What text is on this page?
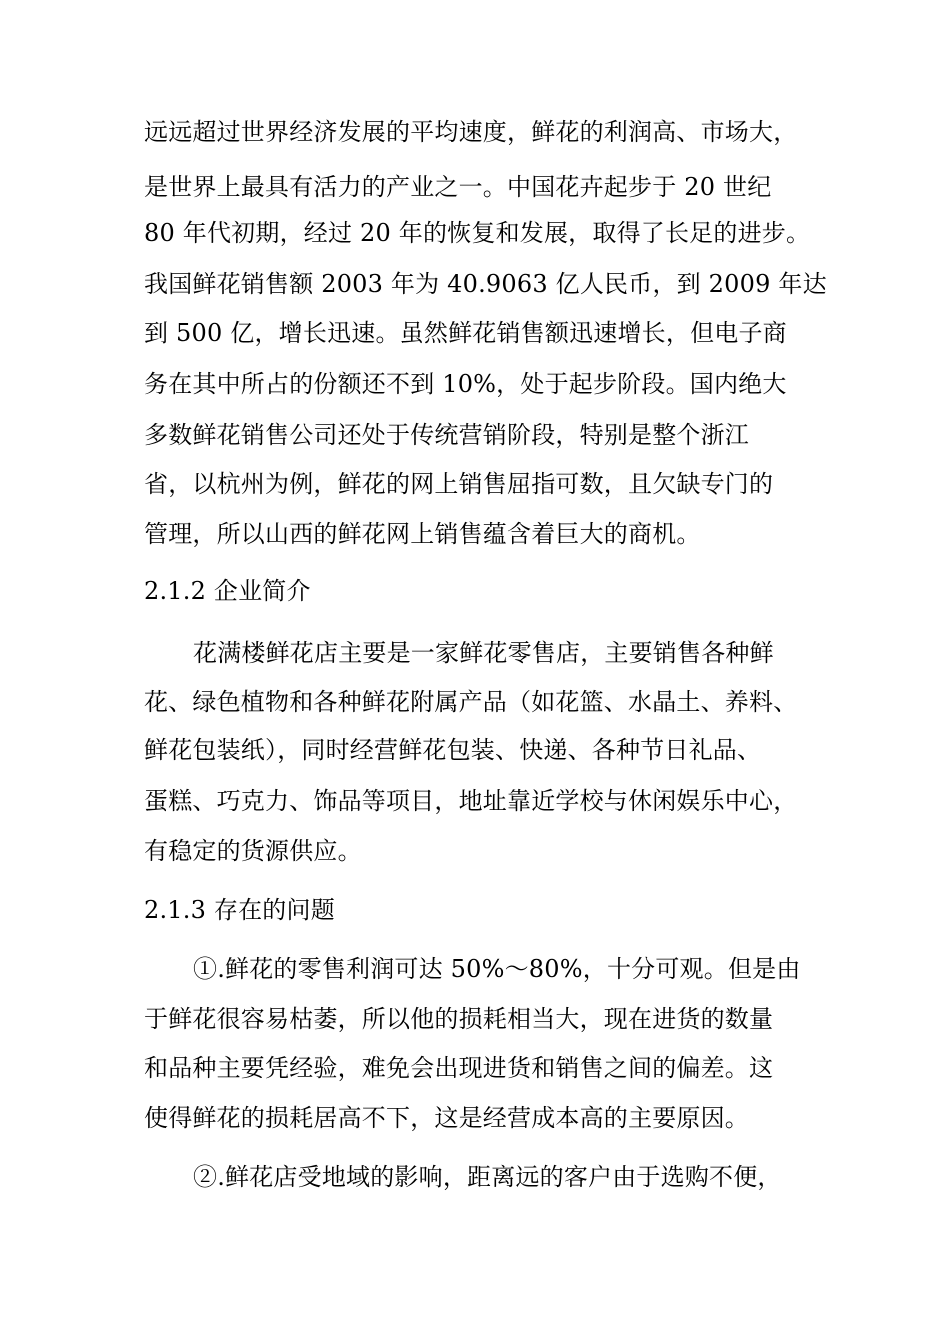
远远超过世界经济发展的平均速度，鲜花的利润高、市场大，
是世界上最具有活力的产业之一。中国花卉起步于 20 世纪
80 年代初期，经过 20 年的恢复和发展，取得了长足的进步。
我国鲜花销售额 2003 年为 40.9063 亿人民币，到 2009 年达
到 500 亿，增长迅速。虽然鲜花销售额迅速增长，但电子商
务在其中所占的份额还不到 10%，处于起步阶段。国内绝大
多数鲜花销售公司还处于传统营销阶段，特别是整个浙江
省，以杭州为例，鲜花的网上销售屈指可数，且欠缺专门的
管理，所以山西的鲜花网上销售蕴含着巨大的商机。
2.1.2 企业简介
花满楼鲜花店主要是一家鲜花零售店，主要销售各种鲜
花、绿色植物和各种鲜花附属产品（如花篮、水晶土、养料、
鲜花包装纸），同时经营鲜花包装、快递、各种节日礼品、
蛋糕、巧克力、饰品等项目，地址靠近学校与休闲娱乐中心，
有稳定的货源供应。
2.1.3 存在的问题
①.鲜花的零售利润可达 50%～80%，十分可观。但是由
于鲜花很容易枯萎，所以他的损耗相当大，现在进货的数量
和品种主要凭经验，难免会出现进货和销售之间的偏差。这
使得鲜花的损耗居高不下，这是经营成本高的主要原因。
②.鲜花店受地域的影响，距离远的客户由于选购不便，
